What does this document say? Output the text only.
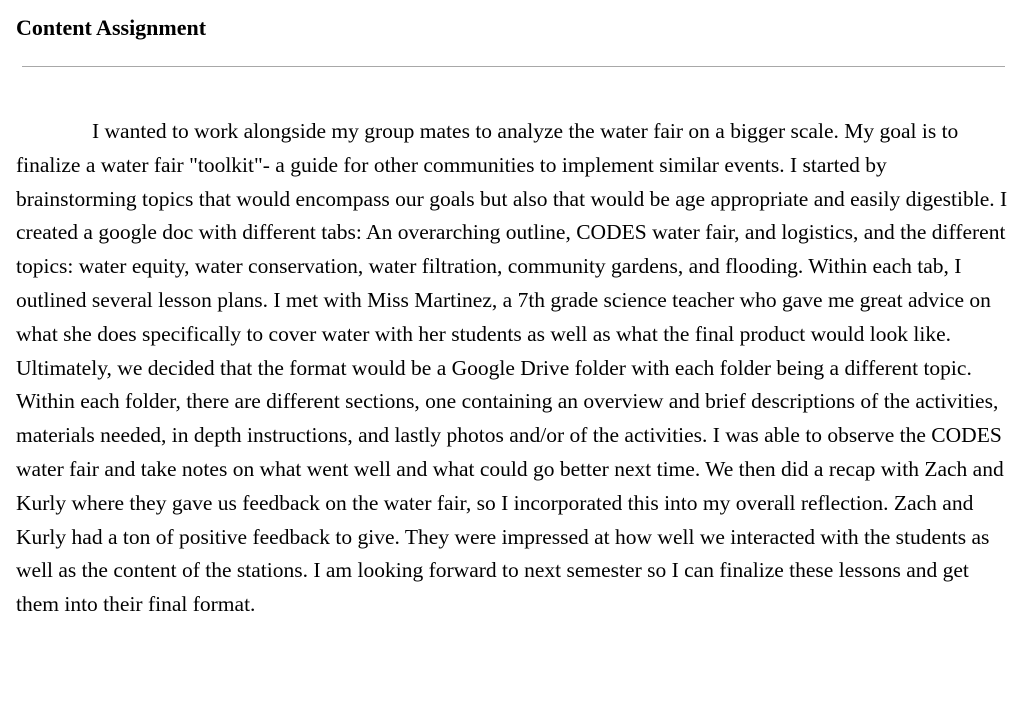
Content Assignment

I wanted to work alongside my group mates to analyze the water fair on a bigger scale. My goal is to finalize a water fair "toolkit"- a guide for other communities to implement similar events. I started by brainstorming topics that would encompass our goals but also that would be age appropriate and easily digestible. I created a google doc with different tabs: An overarching outline, CODES water fair, and logistics, and the different topics: water equity, water conservation, water filtration, community gardens, and flooding. Within each tab, I outlined several lesson plans. I met with Miss Martinez, a 7th grade science teacher who gave me great advice on what she does specifically to cover water with her students as well as what the final product would look like. Ultimately, we decided that the format would be a Google Drive folder with each folder being a different topic. Within each folder, there are different sections, one containing an overview and brief descriptions of the activities, materials needed, in depth instructions, and lastly photos and/or of the activities. I was able to observe the CODES water fair and take notes on what went well and what could go better next time. We then did a recap with Zach and Kurly where they gave us feedback on the water fair, so I incorporated this into my overall reflection. Zach and Kurly had a ton of positive feedback to give. They were impressed at how well we interacted with the students as well as the content of the stations. I am looking forward to next semester so I can finalize these lessons and get them into their final format.
